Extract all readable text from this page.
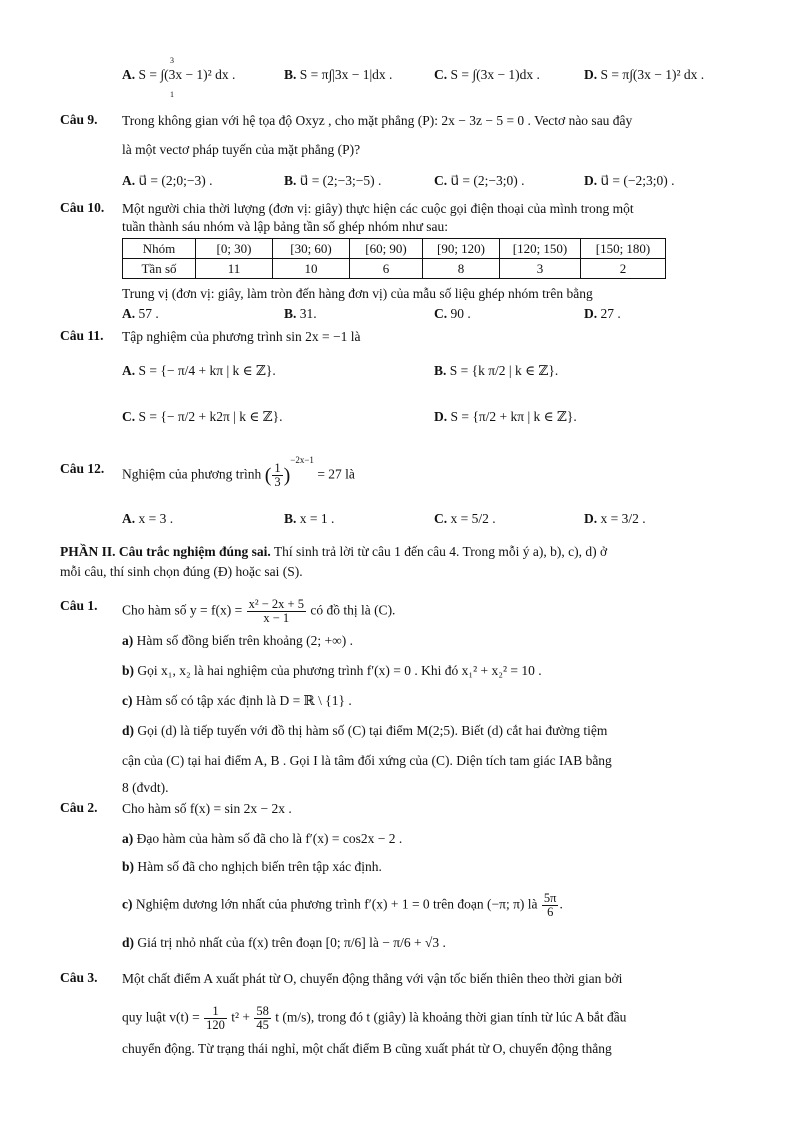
A. S = ∫(3x − 1)² dx .	B. S = π∫|3x − 1|dx .	C. S = ∫(3x − 1)dx .	D. S = π∫(3x − 1)² dx .
3
1
Câu 9. Trong không gian với hệ tọa độ Oxyz , cho mặt phẳng (P): 2x − 3z − 5 = 0 . Vectơ nào sau đây
là một vectơ pháp tuyến của mặt phẳng (P)?
A. u⃗ = (2;0;−3) .	B. u⃗ = (2;−3;−5) .	C. u⃗ = (2;−3;0) .	D. u⃗ = (−2;3;0) .
Câu 10. Một người chia thời lượng (đơn vị: giây) thực hiện các cuộc gọi điện thoại của mình trong một
tuần thành sáu nhóm và lập bảng tần số ghép nhóm như sau:
Nhóm	[0; 30)	[30; 60)	[60; 90)	[90; 120)	[120; 150)	[150; 180)
Tần số	11	10	6	8	3	2
Trung vị (đơn vị: giây, làm tròn đến hàng đơn vị) của mẫu số liệu ghép nhóm trên bằng
A. 57 .	B. 31.	C. 90 .	D. 27 .
Câu 11. Tập nghiệm của phương trình sin 2x = −1 là
A. S = {− π/4 + kπ | k ∈ ℤ}.	B. S = {k π/2 | k ∈ ℤ}.
C. S = {− π/2 + k2π | k ∈ ℤ}.	D. S = {π/2 + kπ | k ∈ ℤ}.
Câu 12. Nghiệm của phương trình ( $\frac{1}{3} )^{-2x-1} = 27$ là
A. x = 3 .	B. x = 1 .	C. x = 5/2 .	D. x = 3/2 .
PHẦN II. Câu trắc nghiệm đúng sai. Thí sinh trả lời từ câu 1 đến câu 4. Trong mỗi ý a), b), c), d) ở
mỗi câu, thí sinh chọn đúng (Đ) hoặc sai (S).
Câu 1. Cho hàm số $y = f(x) = \frac{\text{x² − 2x + 5}}{x - 1}$ có đồ thị là (C).
a) Hàm số đồng biến trên khoảng (2; +∞) .
b) Gọi x₁, x₂ là hai nghiệm của phương trình f′(x) = 0 . Khi đó x₁² + x₂² = 10 .
c) Hàm số có tập xác định là D = ℝ \ {1} .
d) Gọi (d) là tiếp tuyến với đồ thị hàm số (C) tại điểm M(2;5). Biết (d) cắt hai đường tiệm
cận của (C) tại hai điểm A, B . Gọi I là tâm đối xứng của (C). Diện tích tam giác IAB bằng
8 (đvdt).
Câu 2. Cho hàm số f(x) = sin 2x − 2x .
a) Đạo hàm của hàm số đã cho là f′(x) = cos2x − 2 .
b) Hàm số đã cho nghịch biến trên tập xác định.
c) Nghiệm dương lớn nhất của phương trình f′(x) + 1 = 0 trên đoạn (−π; π) là $\frac{5\pi}{6}$ .
d) Giá trị nhỏ nhất của f(x) trên đoạn [0; π/6] là − π/6 + √3 .
Câu 3. Một chất điểm A xuất phát từ O, chuyển động thẳng với vận tốc biến thiên theo thời gian bởi
quy luật $v(t) = \frac{1}{120} t^2 + \frac{58}{45}$ t (m/s), trong đó t (giây) là khoảng thời gian tính từ lúc A bắt đầu
chuyển động. Từ trạng thái nghỉ, một chất điểm B cũng xuất phát từ O, chuyển động thẳng
